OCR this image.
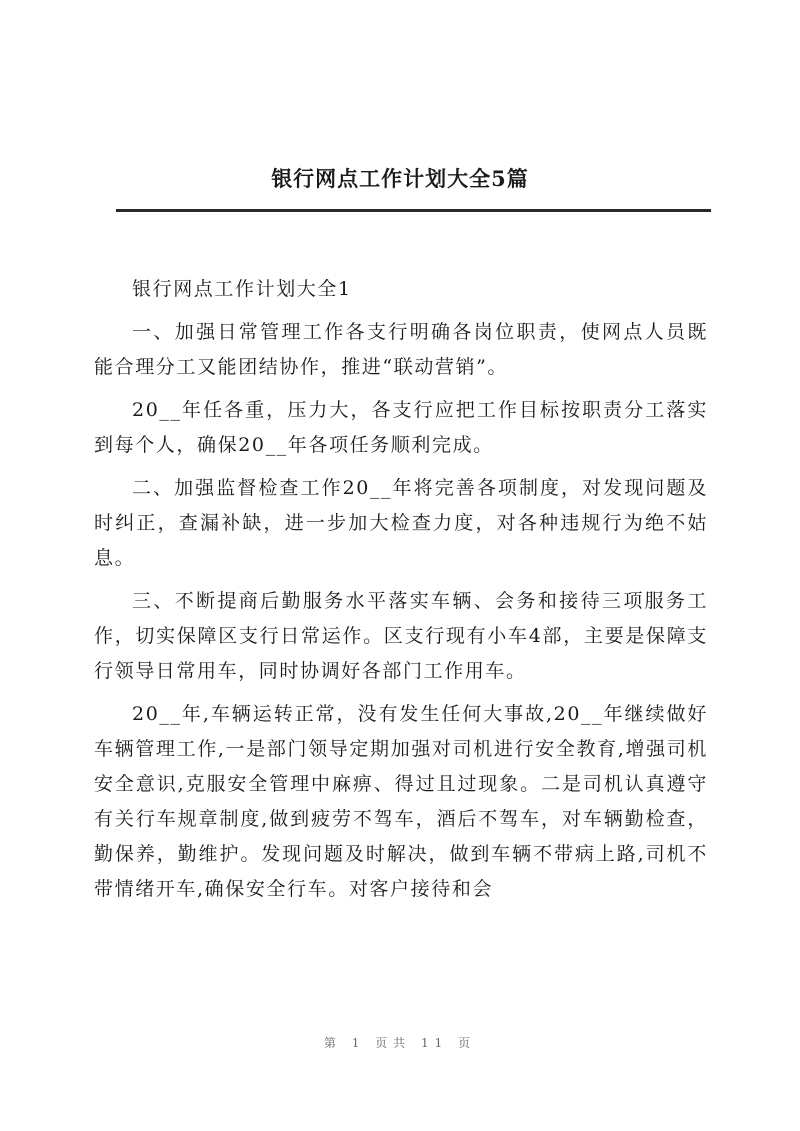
银行网点工作计划大全5篇

银行网点工作计划大全1

一、加强日常管理工作各支行明确各岗位职责，使网点人员既能合理分工又能团结协作，推进“联动营销”。

20__年任各重，压力大，各支行应把工作目标按职责分工落实到每个人，确保20__年各项任务顺利完成。

二、加强监督检查工作20__年将完善各项制度，对发现问题及时纠正，查漏补缺，进一步加大检查力度，对各种违规行为绝不姑息。

三、不断提商后勤服务水平落实车辆、会务和接待三项服务工作，切实保障区支行日常运作。区支行现有小车4部，主要是保障支行领导日常用车，同时协调好各部门工作用车。

20__年,车辆运转正常，没有发生任何大事故,20__年继续做好车辆管理工作,一是部门领导定期加强对司机进行安全教育,增强司机安全意识,克服安全管理中麻痹、得过且过现象。二是司机认真遵守有关行车规章制度,做到疲劳不驾车，酒后不驾车，对车辆勤检查，勤保养，勤维护。发现问题及时解决，做到车辆不带病上路,司机不带情绪开车,确保安全行车。对客户接待和会

第 1 页共 11 页
